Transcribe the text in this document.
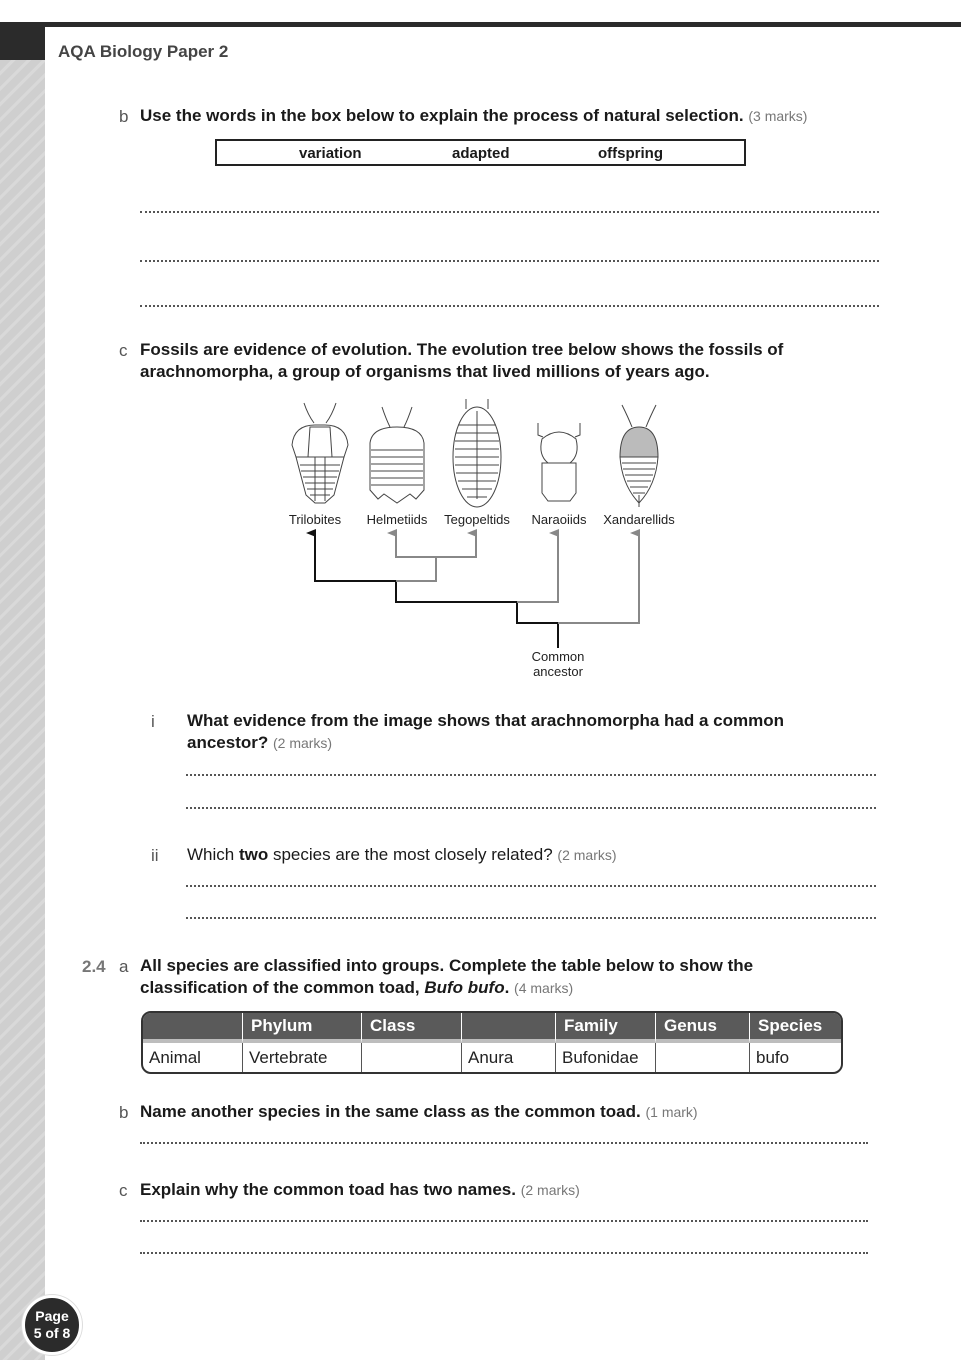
AQA Biology Paper 2
b Use the words in the box below to explain the process of natural selection. (3 marks)
variation	adapted	offspring
c Fossils are evidence of evolution. The evolution tree below shows the fossils of
arachnomorpha, a group of organisms that lived millions of years ago.
Trilobites Helmetiids Tegopeltids Naraoiids Xandarellids
Common
ancestor
i What evidence from the image shows that arachnomorpha had a common
ancestor? (2 marks)
ii Which two species are the most closely related? (2 marks)
2.4 a All species are classified into groups. Complete the table below to show the
classification of the common toad, Bufo bufo. (4 marks)
	Phylum	Class		Family	Genus	Species
Animal	Vertebrate		Anura	Bufonidae		bufo
b Name another species in the same class as the common toad. (1 mark)
c Explain why the common toad has two names. (2 marks)
Page
5 of 8
